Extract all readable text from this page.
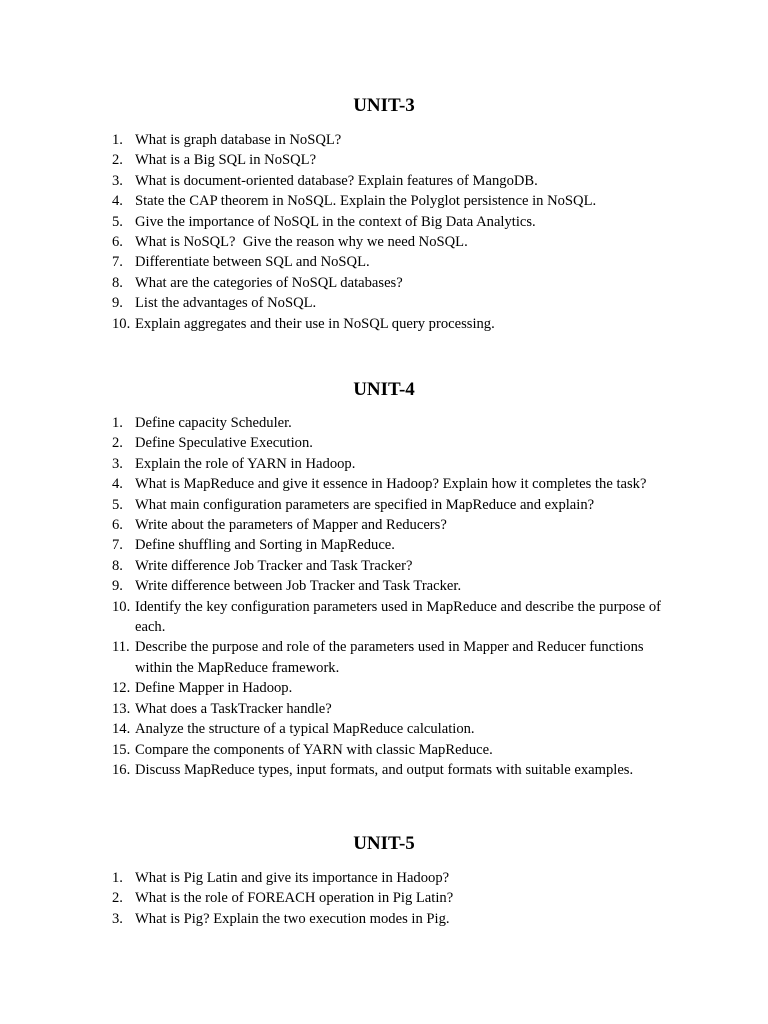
UNIT-3
1. What is graph database in NoSQL?
2. What is a Big SQL in NoSQL?
3. What is document-oriented database? Explain features of MangoDB.
4. State the CAP theorem in NoSQL. Explain the Polyglot persistence in NoSQL.
5. Give the importance of NoSQL in the context of Big Data Analytics.
6. What is NoSQL?  Give the reason why we need NoSQL.
7. Differentiate between SQL and NoSQL.
8. What are the categories of NoSQL databases?
9. List the advantages of NoSQL.
10. Explain aggregates and their use in NoSQL query processing.
UNIT-4
1. Define capacity Scheduler.
2. Define Speculative Execution.
3. Explain the role of YARN in Hadoop.
4. What is MapReduce and give it essence in Hadoop? Explain how it completes the task?
5. What main configuration parameters are specified in MapReduce and explain?
6. Write about the parameters of Mapper and Reducers?
7. Define shuffling and Sorting in MapReduce.
8. Write difference Job Tracker and Task Tracker?
9. Write difference between Job Tracker and Task Tracker.
10. Identify the key configuration parameters used in MapReduce and describe the purpose of each.
11. Describe the purpose and role of the parameters used in Mapper and Reducer functions within the MapReduce framework.
12. Define Mapper in Hadoop.
13. What does a TaskTracker handle?
14. Analyze the structure of a typical MapReduce calculation.
15. Compare the components of YARN with classic MapReduce.
16. Discuss MapReduce types, input formats, and output formats with suitable examples.
UNIT-5
1. What is Pig Latin and give its importance in Hadoop?
2. What is the role of FOREACH operation in Pig Latin?
3. What is Pig? Explain the two execution modes in Pig.
